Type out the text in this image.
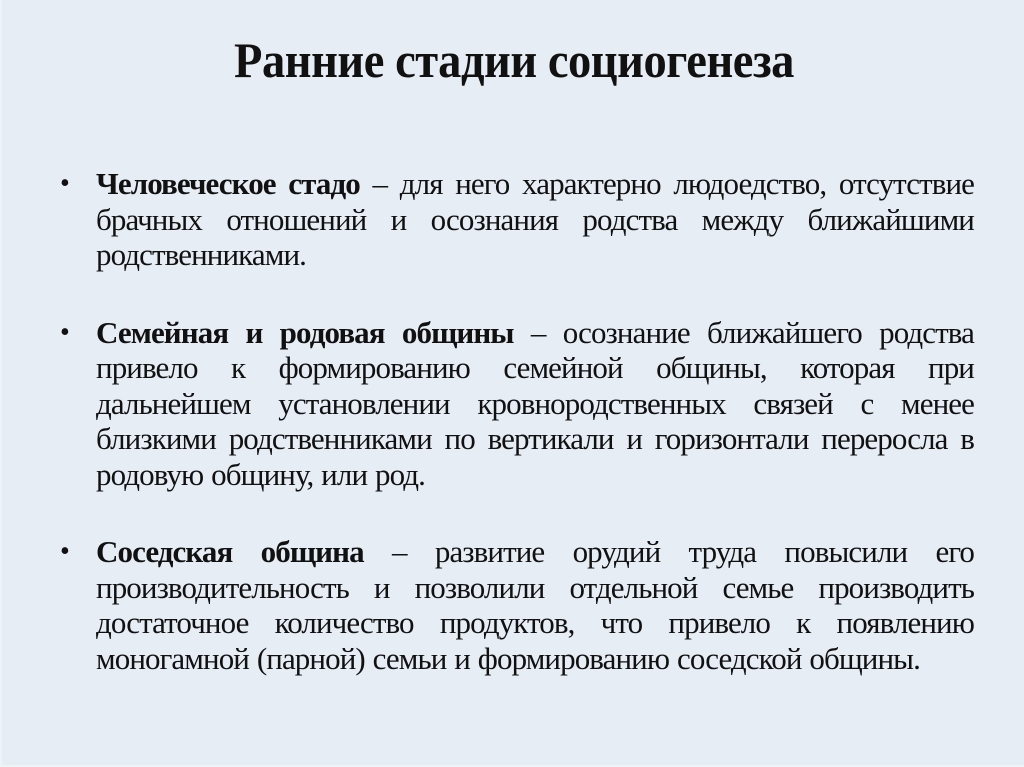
Ранние стадии социогенеза
• Человеческое стадо – для него характерно людоедство, отсутствие брачных отношений и осознания родства между ближайшими родственниками.
• Семейная и родовая общины – осознание ближайшего родства привело к формированию семейной общины, которая при дальнейшем установлении кровнородственных связей с менее близкими родственниками по вертикали и горизонтали переросла в родовую общину, или род.
• Соседская община – развитие орудий труда повысили его производительность и позволили отдельной семье производить достаточное количество продуктов, что привело к появлению моногамной (парной) семьи и формированию соседской общины.
